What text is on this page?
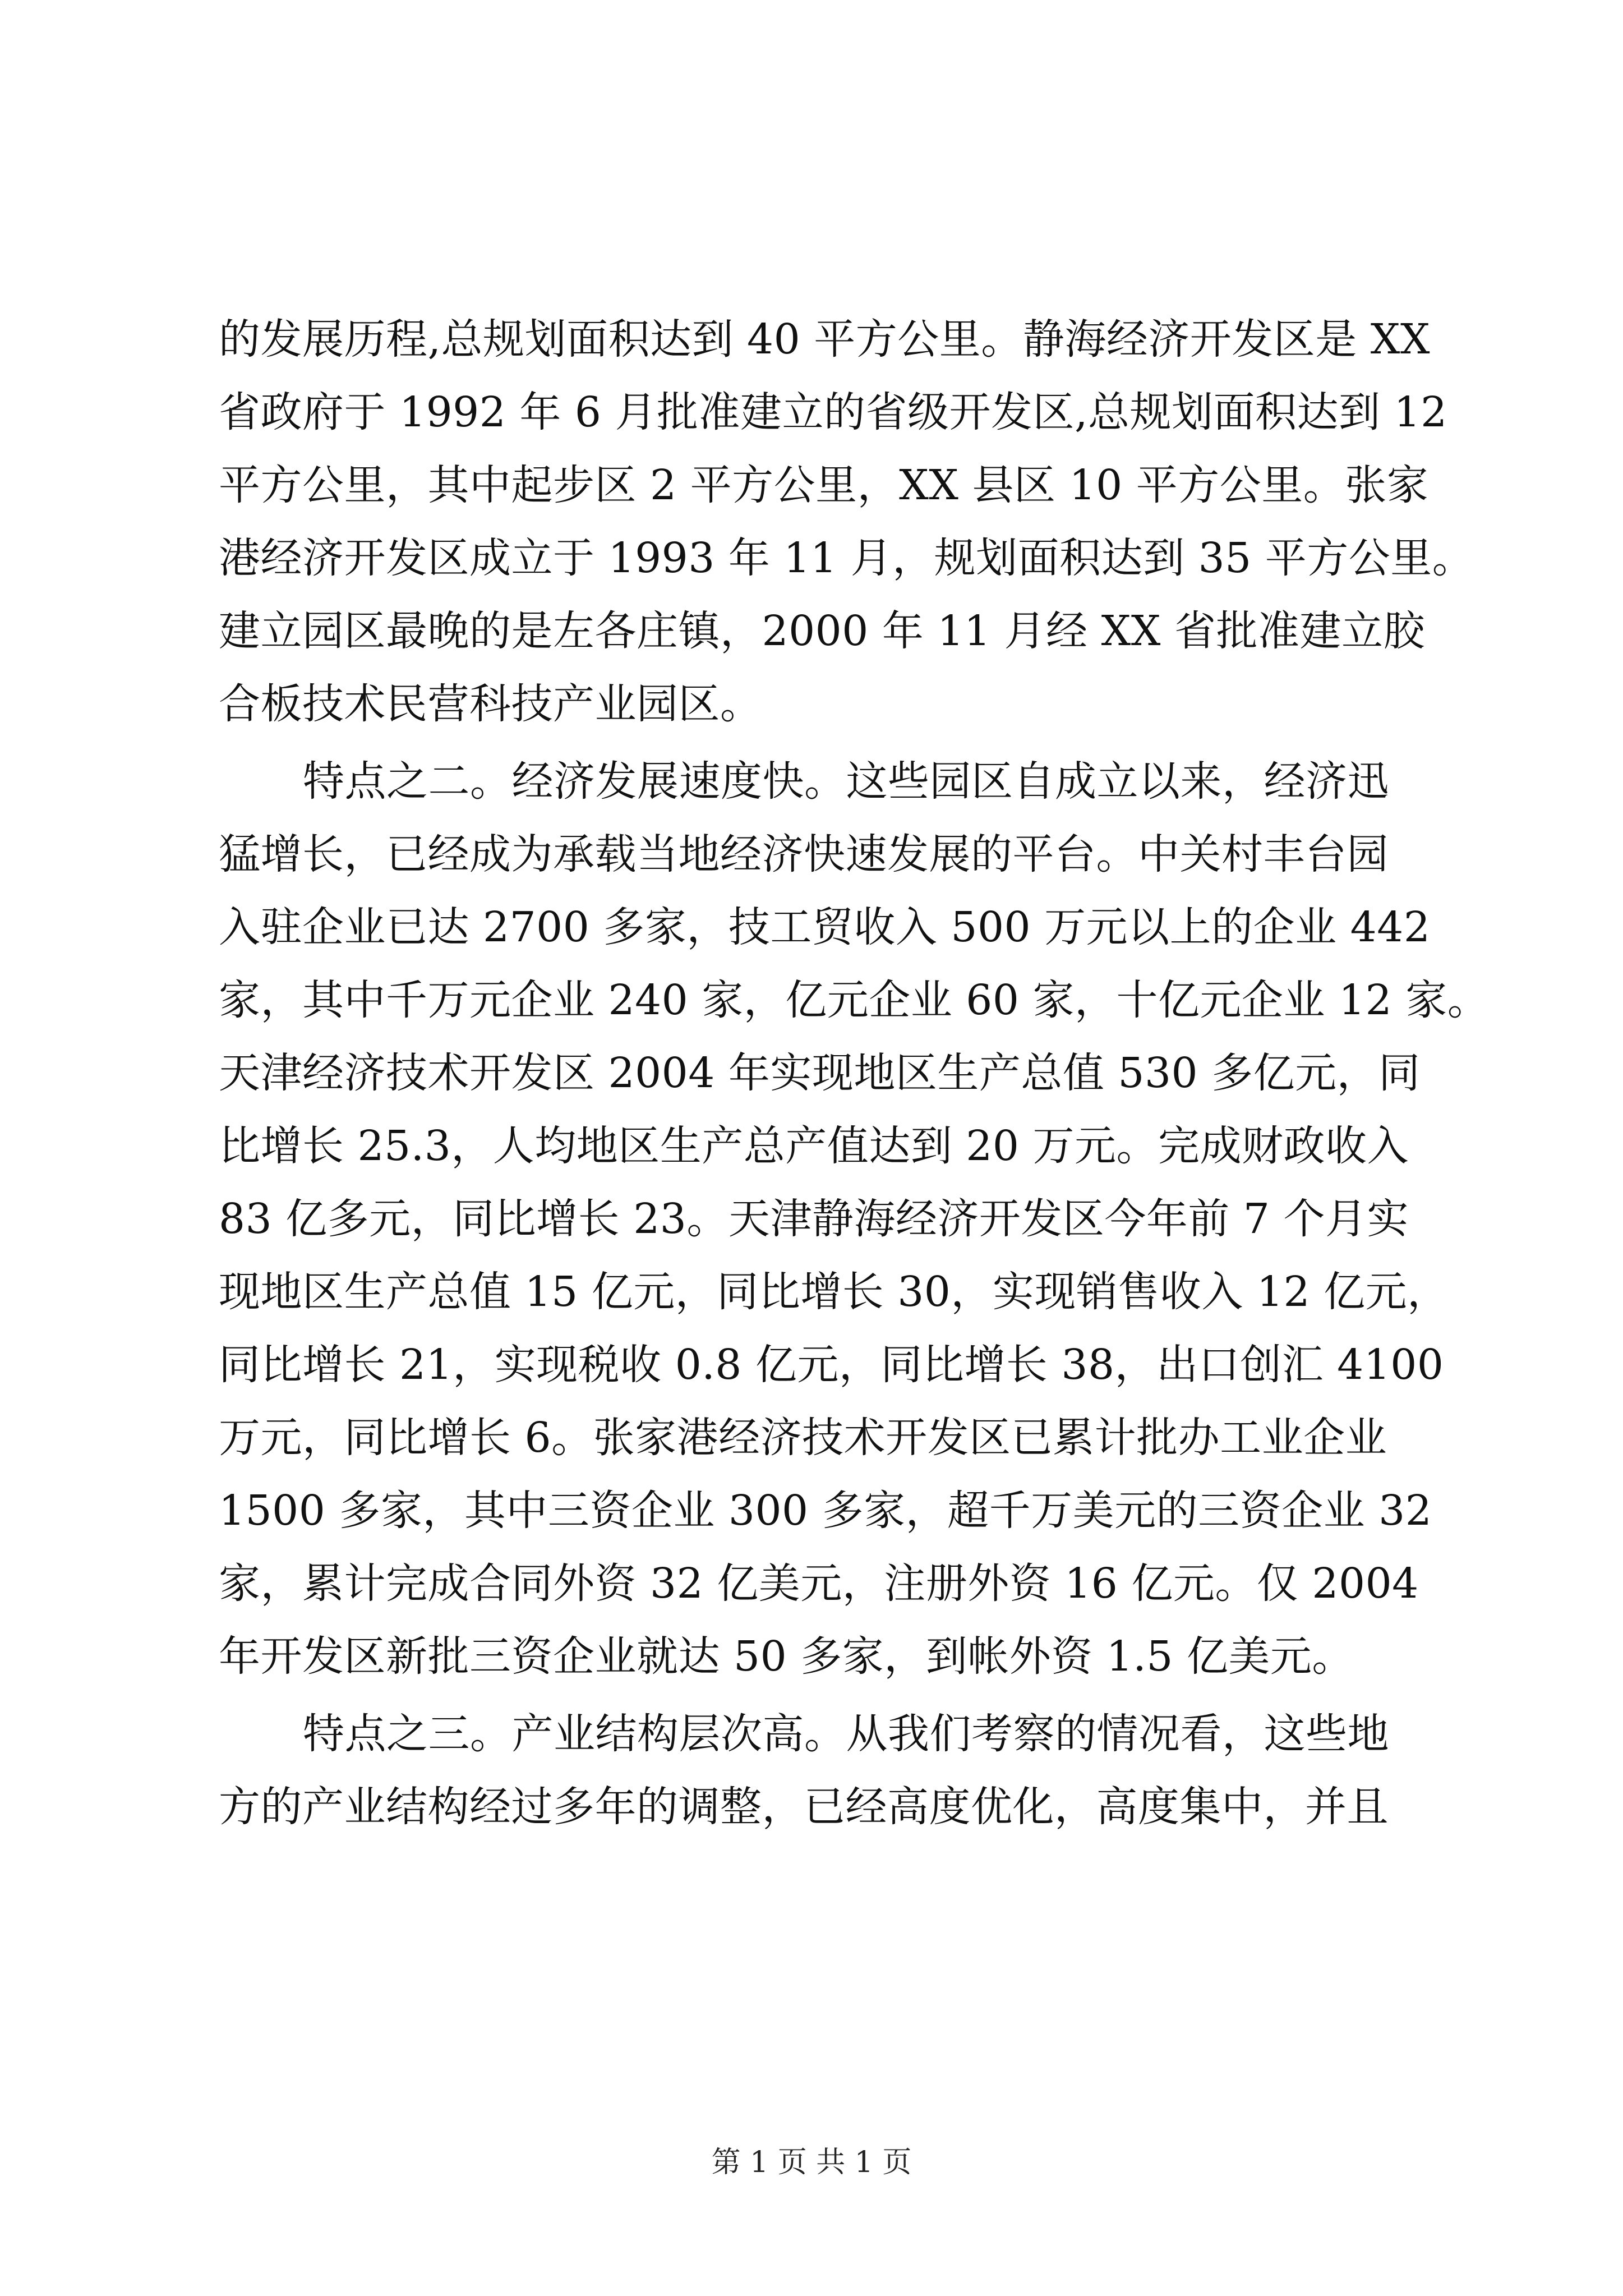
的发展历程,总规划面积达到 40 平方公里。静海经济开发区是 XX
省政府于 1992 年 6 月批准建立的省级开发区,总规划面积达到 12
平方公里，其中起步区 2 平方公里，XX 县区 10 平方公里。张家
港经济开发区成立于 1993 年 11 月，规划面积达到 35 平方公里。
建立园区最晚的是左各庄镇，2000 年 11 月经 XX 省批准建立胶
合板技术民营科技产业园区。
特点之二。经济发展速度快。这些园区自成立以来，经济迅
猛增长，已经成为承载当地经济快速发展的平台。中关村丰台园
入驻企业已达 2700 多家，技工贸收入 500 万元以上的企业 442
家，其中千万元企业 240 家，亿元企业 60 家，十亿元企业 12 家。
天津经济技术开发区 2004 年实现地区生产总值 530 多亿元，同
比增长 25.3，人均地区生产总产值达到 20 万元。完成财政收入
83 亿多元，同比增长 23。天津静海经济开发区今年前 7 个月实
现地区生产总值 15 亿元，同比增长 30，实现销售收入 12 亿元，
同比增长 21，实现税收 0.8 亿元，同比增长 38，出口创汇 4100
万元，同比增长 6。张家港经济技术开发区已累计批办工业企业
1500 多家，其中三资企业 300 多家，超千万美元的三资企业 32
家，累计完成合同外资 32 亿美元，注册外资 16 亿元。仅 2004
年开发区新批三资企业就达 50 多家，到帐外资 1.5 亿美元。
特点之三。产业结构层次高。从我们考察的情况看，这些地
方的产业结构经过多年的调整，已经高度优化，高度集中，并且
第 1 页 共 1 页
